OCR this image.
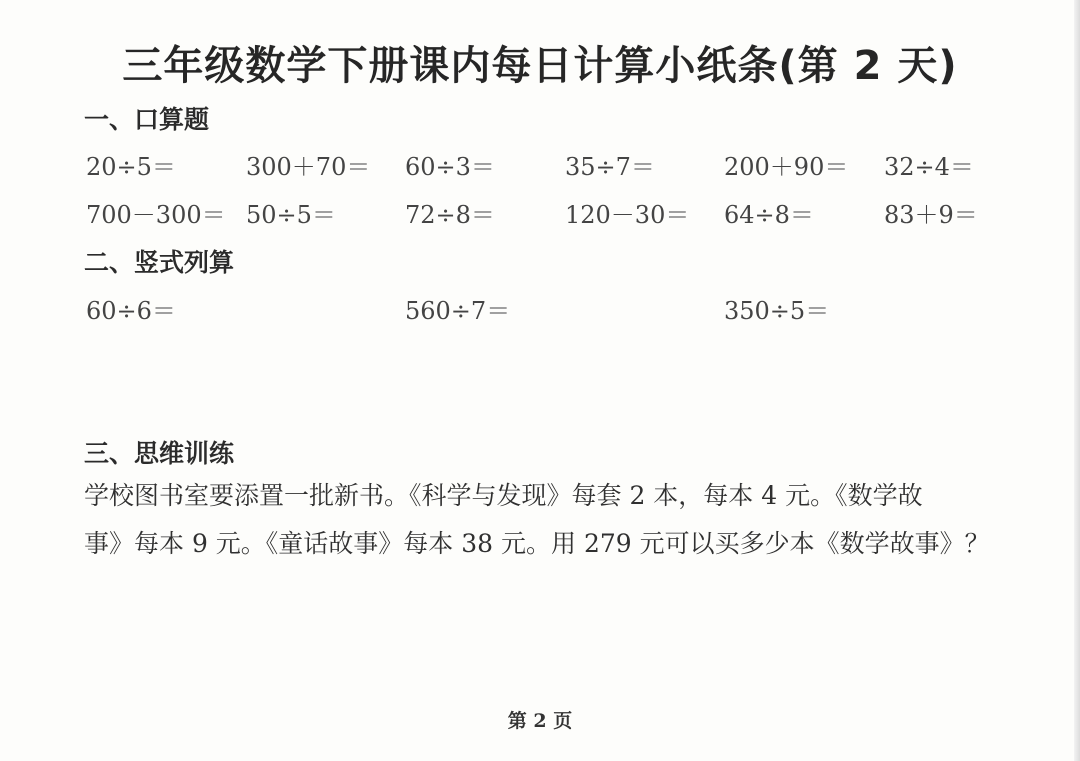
三年级数学下册课内每日计算小纸条(第 2 天)
一、口算题
20÷5＝	300＋70＝ 60÷3＝	35÷7＝	200＋90＝ 32÷4＝
700－300＝ 50÷5＝	72÷8＝	120－30＝ 64÷8＝	83＋9＝
二、竖式列算
60÷6＝	560÷7＝	350÷5＝
三、思维训练
学校图书室要添置一批新书。《科学与发现》每套 2 本，每本 4 元。《数学故
事》每本 9 元。《童话故事》每本 38 元。用 279 元可以买多少本《数学故事》？
第 2 页
